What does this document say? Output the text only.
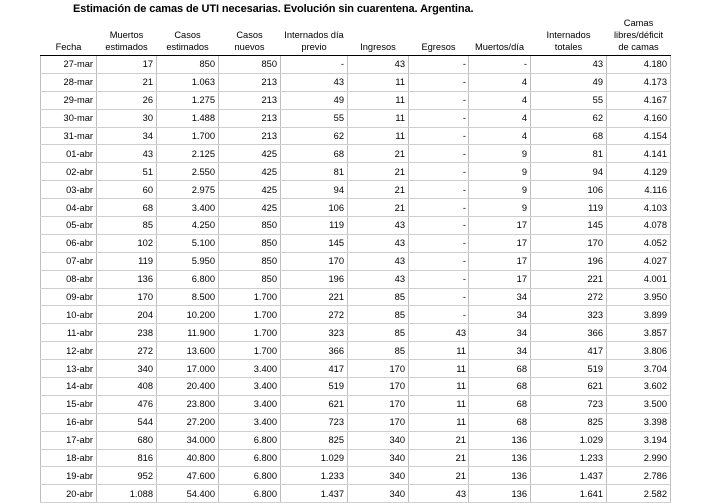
Estimación de camas de UTI necesarias. Evolución sin cuarentena. Argentina.
Fecha	Muertos estimados	Casos estimados	Casos nuevos	Internados día previo	Ingresos	Egresos	Muertos/día	Internados totales	Camas libres/déficit de camas
27-mar	17	850	850	-	43	-	-	43	4.180
28-mar	21	1.063	213	43	11	-	4	49	4.173
29-mar	26	1.275	213	49	11	-	4	55	4.167
30-mar	30	1.488	213	55	11	-	4	62	4.160
31-mar	34	1.700	213	62	11	-	4	68	4.154
01-abr	43	2.125	425	68	21	-	9	81	4.141
02-abr	51	2.550	425	81	21	-	9	94	4.129
03-abr	60	2.975	425	94	21	-	9	106	4.116
04-abr	68	3.400	425	106	21	-	9	119	4.103
05-abr	85	4.250	850	119	43	-	17	145	4.078
06-abr	102	5.100	850	145	43	-	17	170	4.052
07-abr	119	5.950	850	170	43	-	17	196	4.027
08-abr	136	6.800	850	196	43	-	17	221	4.001
09-abr	170	8.500	1.700	221	85	-	34	272	3.950
10-abr	204	10.200	1.700	272	85	-	34	323	3.899
11-abr	238	11.900	1.700	323	85	43	34	366	3.857
12-abr	272	13.600	1.700	366	85	11	34	417	3.806
13-abr	340	17.000	3.400	417	170	11	68	519	3.704
14-abr	408	20.400	3.400	519	170	11	68	621	3.602
15-abr	476	23.800	3.400	621	170	11	68	723	3.500
16-abr	544	27.200	3.400	723	170	11	68	825	3.398
17-abr	680	34.000	6.800	825	340	21	136	1.029	3.194
18-abr	816	40.800	6.800	1.029	340	21	136	1.233	2.990
19-abr	952	47.600	6.800	1.233	340	21	136	1.437	2.786
20-abr	1.088	54.400	6.800	1.437	340	43	136	1.641	2.582
